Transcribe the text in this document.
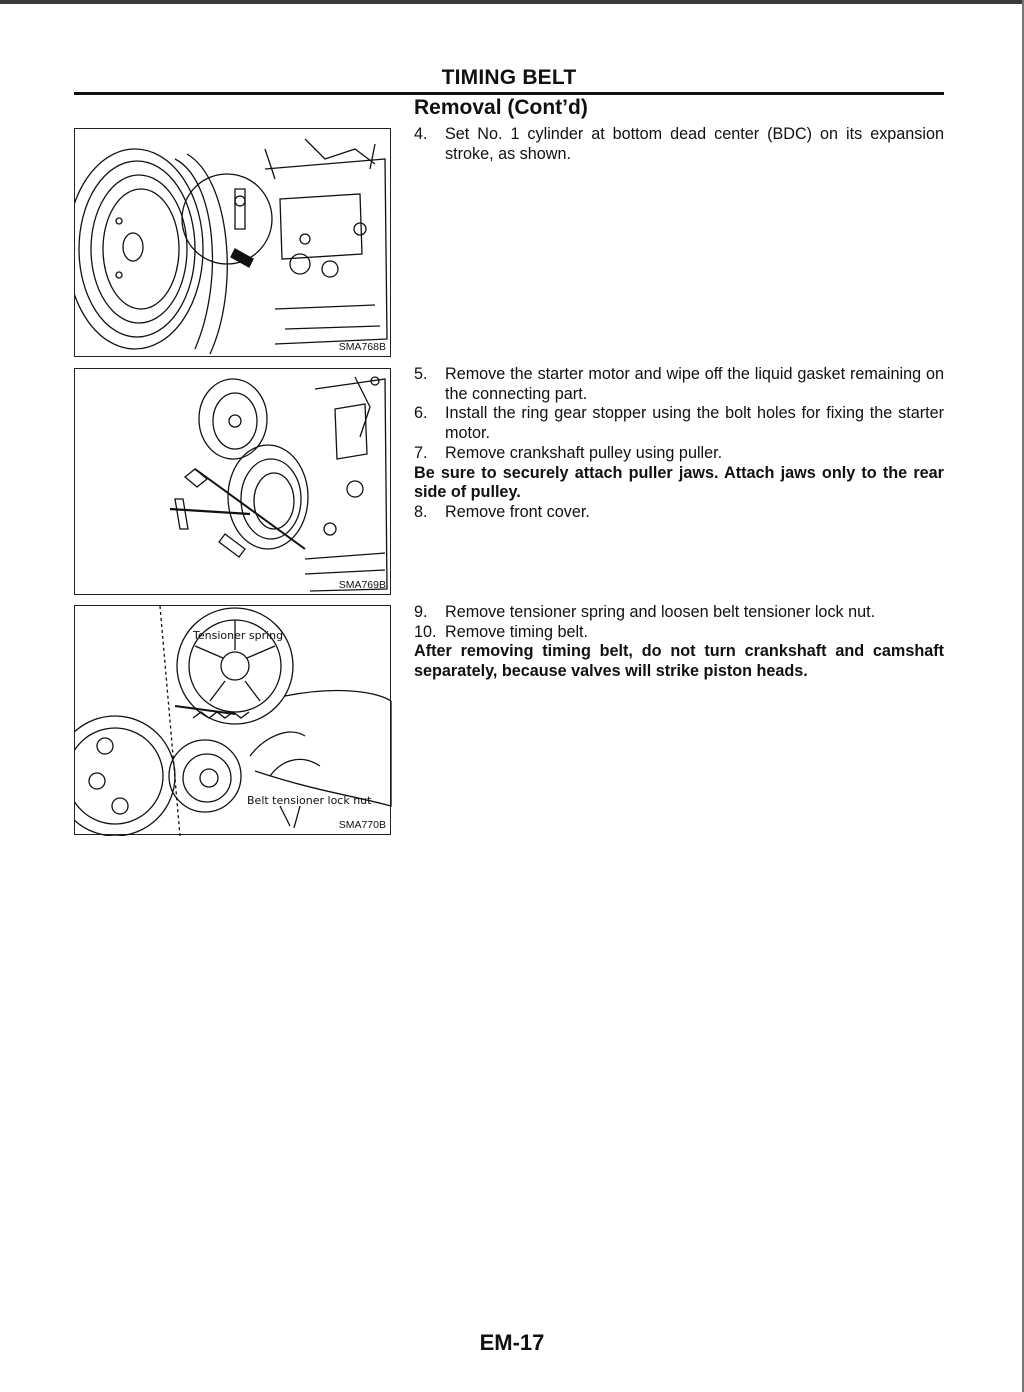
TIMING BELT
Removal (Cont’d)
SMA768B
SMA769B
Tensioner spring
Belt tensioner lock nut
SMA770B
4. Set No. 1 cylinder at bottom dead center (BDC) on its expansion stroke, as shown.
5. Remove the starter motor and wipe off the liquid gasket remaining on the connecting part.
6. Install the ring gear stopper using the bolt holes for fixing the starter motor.
7. Remove crankshaft pulley using puller.
Be sure to securely attach puller jaws. Attach jaws only to the rear side of pulley.
8. Remove front cover.
9. Remove tensioner spring and loosen belt tensioner lock nut.
10. Remove timing belt.
After removing timing belt, do not turn crankshaft and camshaft separately, because valves will strike piston heads.
EM-17
